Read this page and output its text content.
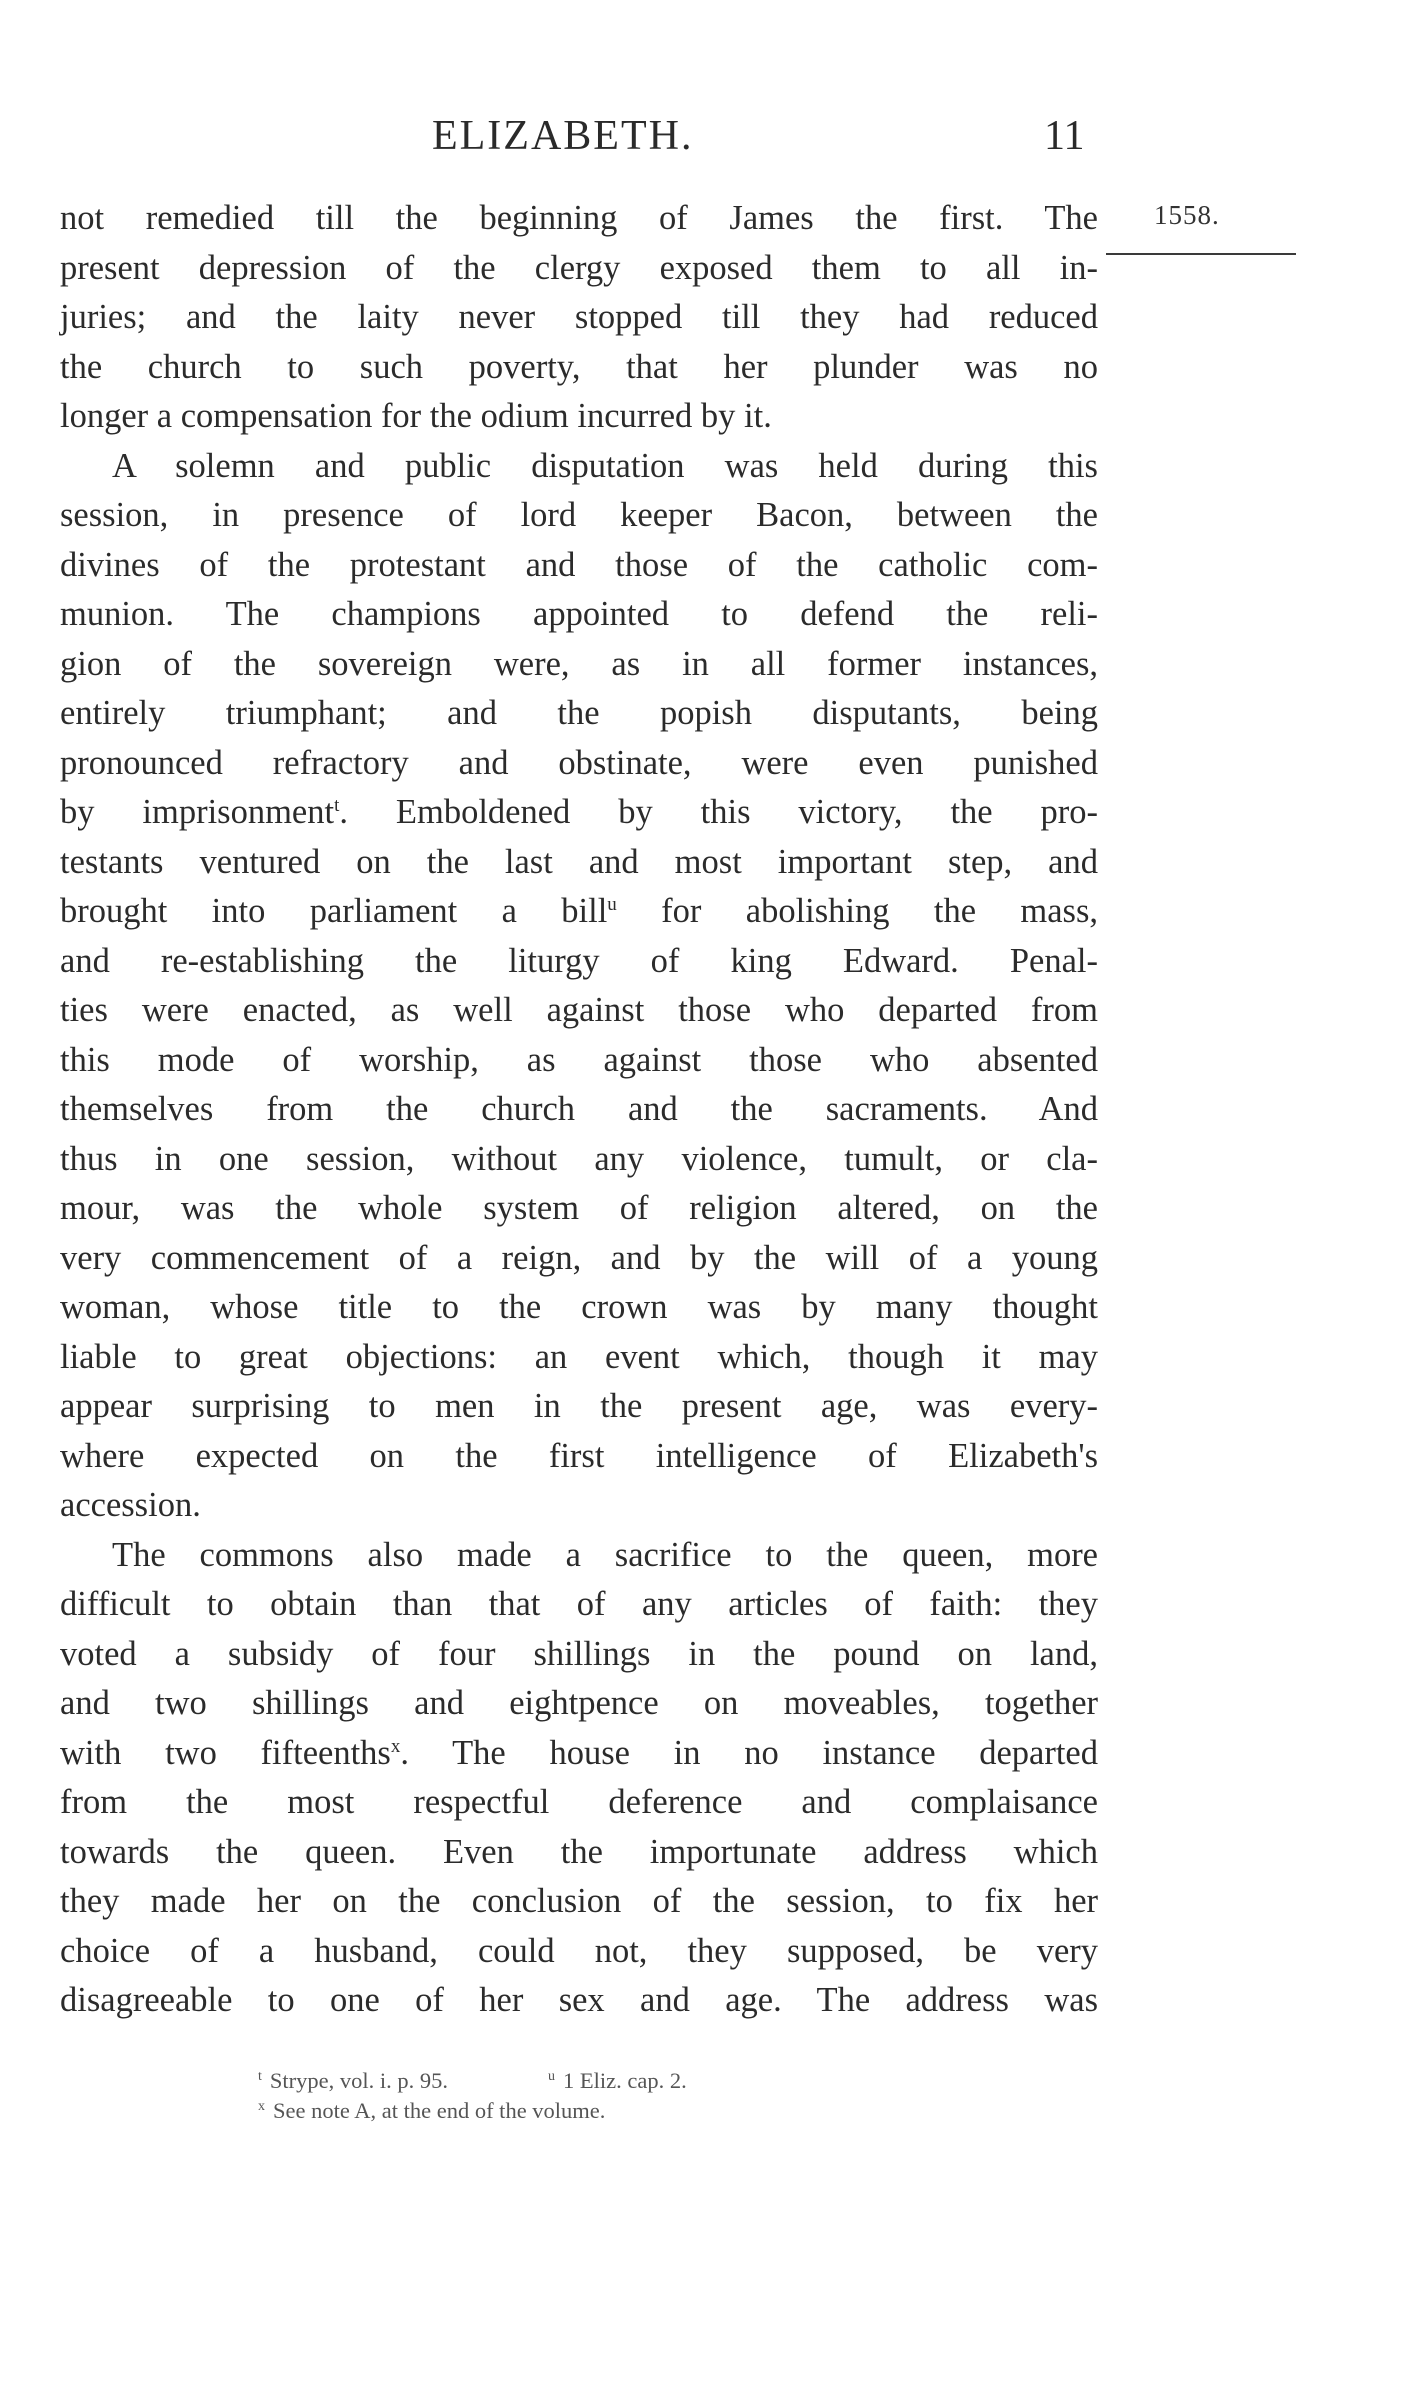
ELIZABETH.	11
1558.
not remedied till the beginning of James the first. The
present depression of the clergy exposed them to all in-
juries; and the laity never stopped till they had reduced
the church to such poverty, that her plunder was no
longer a compensation for the odium incurred by it.
A solemn and public disputation was held during this
session, in presence of lord keeper Bacon, between the
divines of the protestant and those of the catholic com-
munion. The champions appointed to defend the reli-
gion of the sovereign were, as in all former instances,
entirely triumphant; and the popish disputants, being
pronounced refractory and obstinate, were even punished
by imprisonment$^t$. Emboldened by this victory, the pro-
testants ventured on the last and most important step, and
brought into parliament a bill$^u$ for abolishing the mass,
and re-establishing the liturgy of king Edward. Penal-
ties were enacted, as well against those who departed from
this mode of worship, as against those who absented
themselves from the church and the sacraments. And
thus in one session, without any violence, tumult, or cla-
mour, was the whole system of religion altered, on the
very commencement of a reign, and by the will of a young
woman, whose title to the crown was by many thought
liable to great objections: an event which, though it may
appear surprising to men in the present age, was every-
where expected on the first intelligence of Elizabeth's
accession.
The commons also made a sacrifice to the queen, more
difficult to obtain than that of any articles of faith: they
voted a subsidy of four shillings in the pound on land,
and two shillings and eightpence on moveables, together
with two fifteenths$^x$. The house in no instance departed
from the most respectful deference and complaisance
towards the queen. Even the importunate address which
they made her on the conclusion of the session, to fix her
choice of a husband, could not, they supposed, be very
disagreeable to one of her sex and age. The address was
$^t$ Strype, vol. i. p. 95.	$^u$ 1 Eliz. cap. 2.
$^x$ See note A, at the end of the volume.
